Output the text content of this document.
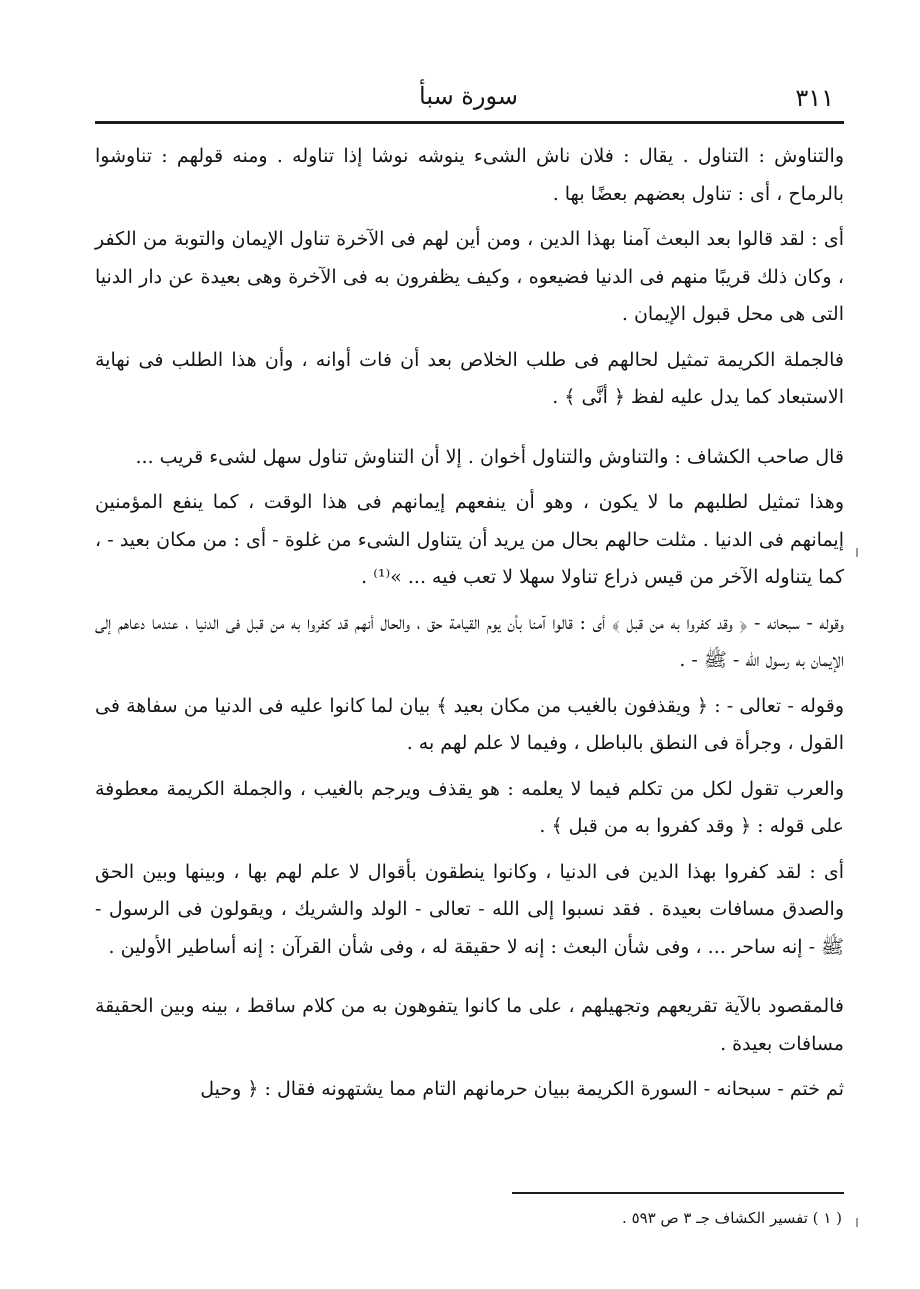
٣١١
سورة سبأ

والتناوش : التناول . يقال : فلان ناش الشىء ينوشه نوشا إذا تناوله . ومنه قولهم : تناوشوا بالرماح ، أى : تناول بعضهم بعضًا بها .

أى : لقد قالوا بعد البعث آمنا بهذا الدين ، ومن أين لهم فى الآخرة تناول الإيمان والتوبة من الكفر ، وكان ذلك قريبًا منهم فى الدنيا فضيعوه ، وكيف يظفرون به فى الآخرة وهى بعيدة عن دار الدنيا التى هى محل قبول الإيمان .

فالجملة الكريمة تمثيل لحالهم فى طلب الخلاص بعد أن فات أوانه ، وأن هذا الطلب فى نهاية الاستبعاد كما يدل عليه لفظ ﴿ أنَّى ﴾ .

قال صاحب الكشاف : والتناوش والتناول أخوان . إلا أن التناوش تناول سهل لشىء قريب ...

وهذا تمثيل لطلبهم ما لا يكون ، وهو أن ينفعهم إيمانهم فى هذا الوقت ، كما ينفع المؤمنين إيمانهم فى الدنيا . مثلت حالهم بحال من يريد أن يتناول الشىء من غلوة - أى : من مكان بعيد - ، كما يتناوله الآخر من قيس ذراع تناولا سهلا لا تعب فيه ... »⁽¹⁾ .

وقوله - سبحانه - ﴿ وقد كفروا به من قبل ﴾ أى : قالوا آمنا بأن يوم القيامة حق ، والحال أنهم قد كفروا به من قبل فى الدنيا ، عندما دعاهم إلى الإيمان به رسول الله - ﷺ - .

وقوله - تعالى - : ﴿ ويقذفون بالغيب من مكان بعيد ﴾ بيان لما كانوا عليه فى الدنيا من سفاهة فى القول ، وجرأة فى النطق بالباطل ، وفيما لا علم لهم به .

والعرب تقول لكل من تكلم فيما لا يعلمه : هو يقذف ويرجم بالغيب ، والجملة الكريمة معطوفة على قوله : ﴿ وقد كفروا به من قبل ﴾ .

أى : لقد كفروا بهذا الدين فى الدنيا ، وكانوا ينطقون بأقوال لا علم لهم بها ، وبينها وبين الحق والصدق مسافات بعيدة . فقد نسبوا إلى الله - تعالى - الولد والشريك ، ويقولون فى الرسول - ﷺ - إنه ساحر ... ، وفى شأن البعث : إنه لا حقيقة له ، وفى شأن القرآن : إنه أساطير الأولين .

فالمقصود بالآية تقريعهم وتجهيلهم ، على ما كانوا يتفوهون به من كلام ساقط ، بينه وبين الحقيقة مسافات بعيدة .

ثم ختم - سبحانه - السورة الكريمة ببيان حرمانهم التام مما يشتهونه فقال : ﴿ وحيل

( ١ ) تفسير الكشاف جـ ٣ ص ٥٩٣ .
